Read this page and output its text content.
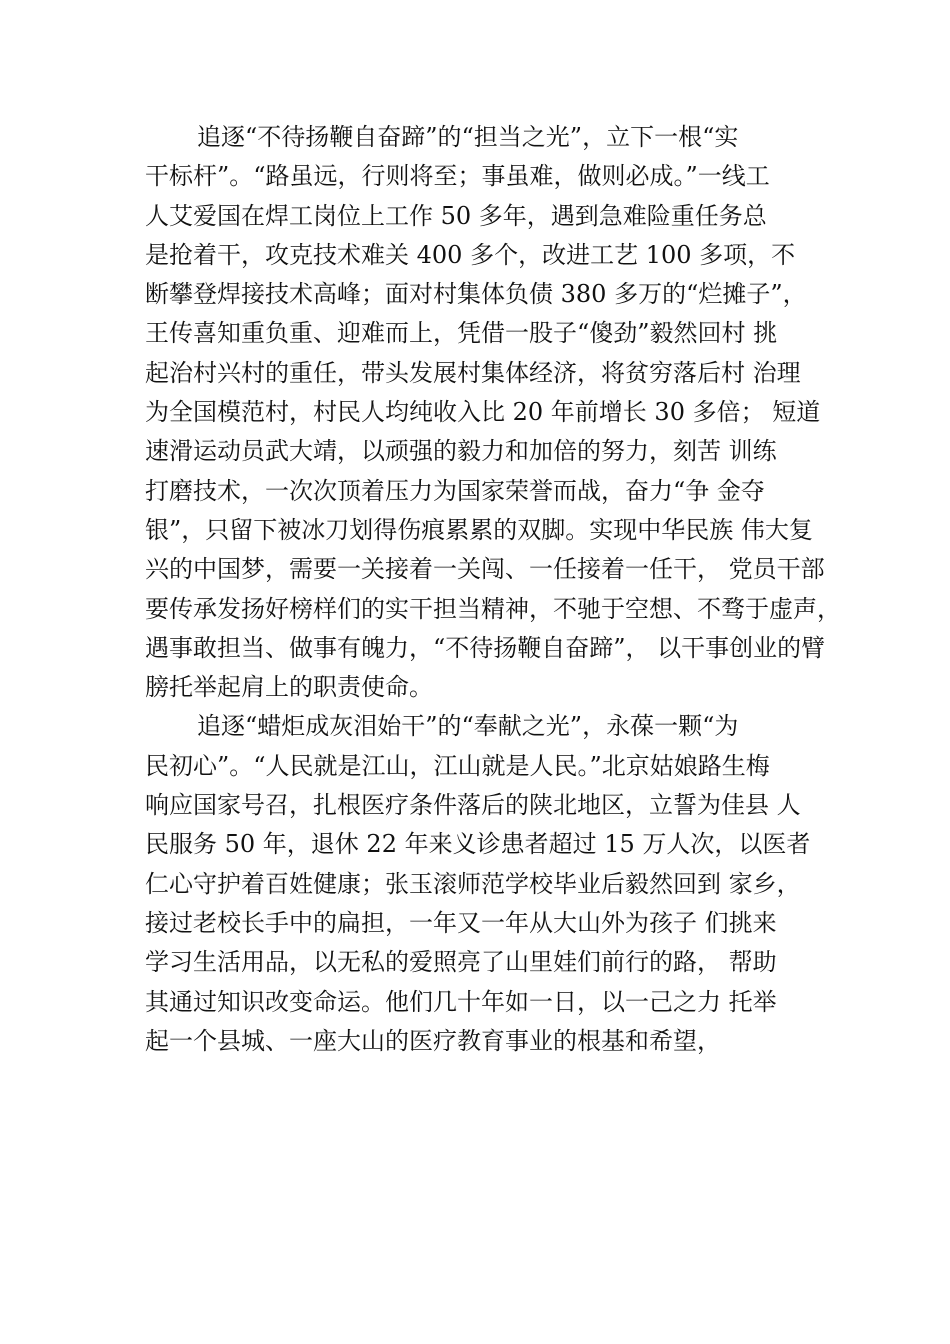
追逐“不待扬鞭自奋蹄”的“担当之光”，立下一根“实
干标杆”。“路虽远，行则将至；事虽难，做则必成。”一线工
人艾爱国在焊工岗位上工作 50 多年，遇到急难险重任务总
是抢着干，攻克技术难关 400 多个，改进工艺 100 多项，不
断攀登焊接技术高峰；面对村集体负债 380 多万的“烂摊子”，
王传喜知重负重、迎难而上，凭借一股子“傻劲”毅然回村 挑
起治村兴村的重任，带头发展村集体经济，将贫穷落后村 治理
为全国模范村，村民人均纯收入比 20 年前增长 30 多倍； 短道
速滑运动员武大靖，以顽强的毅力和加倍的努力，刻苦 训练
打磨技术，一次次顶着压力为国家荣誉而战，奋力“争 金夺
银”，只留下被冰刀划得伤痕累累的双脚。实现中华民族 伟大复
兴的中国梦，需要一关接着一关闯、一任接着一任干， 党员干部
要传承发扬好榜样们的实干担当精神，不驰于空想、不骛于虚声，
遇事敢担当、做事有魄力，“不待扬鞭自奋蹄”， 以干事创业的臂
膀托举起肩上的职责使命。
追逐“蜡炬成灰泪始干”的“奉献之光”，永葆一颗“为
民初心”。“人民就是江山，江山就是人民。”北京姑娘路生梅
响应国家号召，扎根医疗条件落后的陕北地区，立誓为佳县 人
民服务 50 年，退休 22 年来义诊患者超过 15 万人次，以医者
仁心守护着百姓健康；张玉滚师范学校毕业后毅然回到 家乡，
接过老校长手中的扁担，一年又一年从大山外为孩子 们挑来
学习生活用品，以无私的爱照亮了山里娃们前行的路， 帮助
其通过知识改变命运。他们几十年如一日，以一己之力 托举
起一个县城、一座大山的医疗教育事业的根基和希望，
